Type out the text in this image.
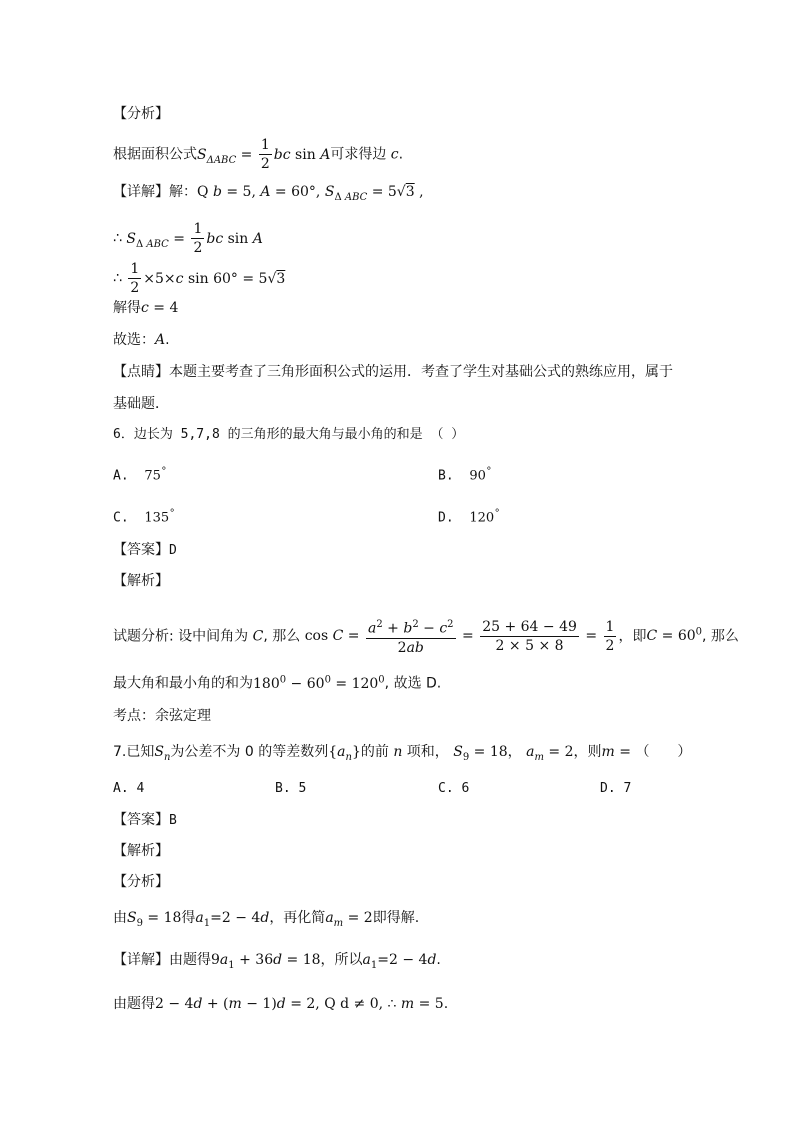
【分析】
根据面积公式$S_{\Delta ABC} = \frac{1}{2}$ bc sin A可求得边 c.
【详解】解：Q b = 5, A = 60°, $S_{\Delta ABC} = 5√3$ ,
∴ $S_{\Delta ABC} = \frac{1}{2}$ bc sin A
∴ $\frac{1}{2} \times 5\times c$ sin 60° = 5√3
解得c = 4
故选：A.
【点睛】本题主要考查了三角形面积公式的运用．考查了学生对基础公式的熟练应用，属于
基础题．
6．边长为 5,7,8 的三角形的最大角与最小角的和是 （ ）
A. 75°	B. 90°
C. 135°	D. 120°
【答案】D
【解析】
试题分析: 设中间角为 C, 那么 $\cos C = \frac{a^2 + b^2 - c^2}{2ab} = \frac{25 + 64 - 49}{2 \times 5 \times 8} = \frac{1}{2}$ ，即$C = 60^0$, 那么
最大角和最小角的和为$180^0 - 60^0 = 120^0$, 故选 D.
考点：余弦定理
7.已知$S_n$为公差不为 0 的等差数列$\{a_n\}$的前 n 项和， $S_9 = 18$， $a_m = 2$，则m = （　　）
A. 4	B. 5	C. 6	D. 7
【答案】B
【解析】
【分析】
由$S_9 = 18$得$a_1=2 - 4d$，再化简$a_m = 2$即得解.
【详解】由题得$9a_1 + 36d = 18$，所以$a_1=2 - 4d$.
由题得2 − 4d + (m − 1)d = 2, Q d ≠ 0, ∴ m = 5.
